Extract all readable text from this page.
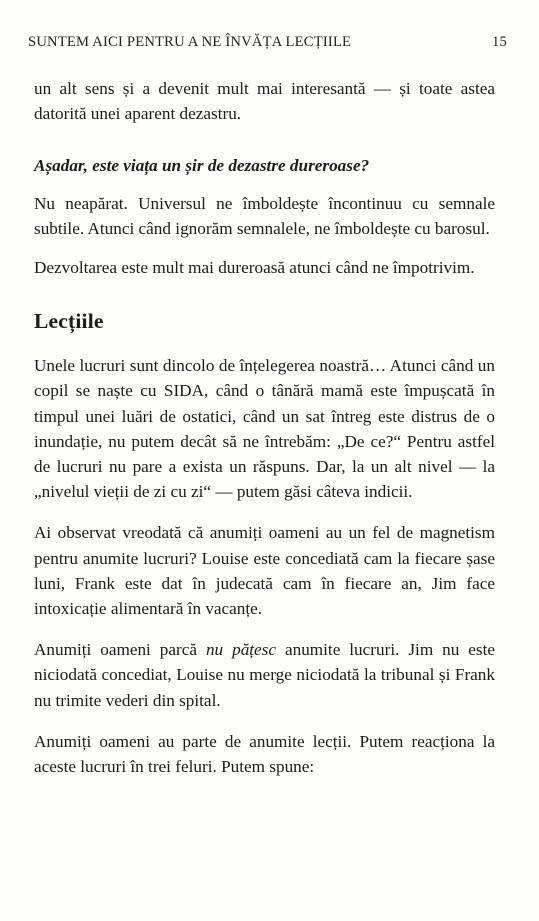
SUNTEM AICI PENTRU A NE ÎNVĂȚA LECȚIILE	15

un alt sens și a devenit mult mai interesantă — și toate astea datorită unei aparent dezastru.

Așadar, este viața un șir de dezastre dureroase?

Nu neapărat. Universul ne îmboldește încontinuu cu semnale subtile. Atunci când ignorăm semnalele, ne îmboldește cu barosul.

Dezvoltarea este mult mai dureroasă atunci când ne împotrivim.

Lecțiile

Unele lucruri sunt dincolo de înțelegerea noastră… Atunci când un copil se naște cu SIDA, când o tânără mamă este împușcată în timpul unei luări de ostatici, când un sat întreg este distrus de o inundație, nu putem decât să ne întrebăm: „De ce?“ Pentru astfel de lucruri nu pare a exista un răspuns. Dar, la un alt nivel — la „nivelul vieții de zi cu zi“ — putem găsi câteva indicii.

Ai observat vreodată că anumiți oameni au un fel de magnetism pentru anumite lucruri? Louise este concediată cam la fiecare șase luni, Frank este dat în judecată cam în fiecare an, Jim face intoxicație alimentară în vacanțe.

Anumiți oameni parcă nu pățesc anumite lucruri. Jim nu este niciodată concediat, Louise nu merge niciodată la tribunal și Frank nu trimite vederi din spital.

Anumiți oameni au parte de anumite lecții. Putem reacționa la aceste lucruri în trei feluri. Putem spune:
